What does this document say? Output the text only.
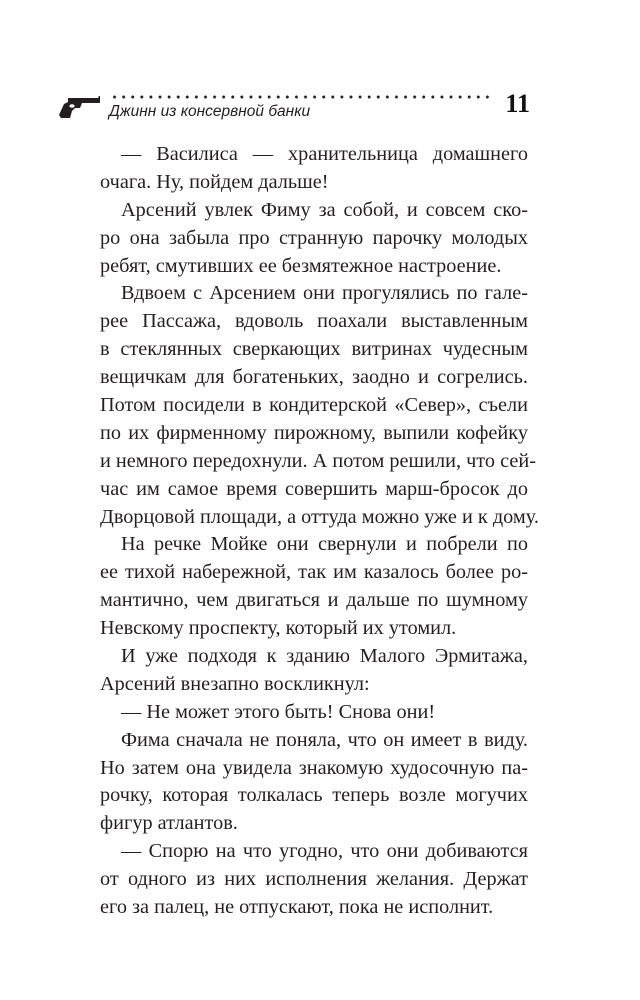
Джинн из консервной банки	11
— Василиса — хранительница домашнего
очага. Ну, пойдем дальше!
Арсений увлек Фиму за собой, и совсем ско-
ро она забыла про странную парочку молодых
ребят, смутивших ее безмятежное настроение.
Вдвоем с Арсением они прогулялись по гале-
рее Пассажа, вдоволь поахали выставленным
в стеклянных сверкающих витринах чудесным
вещичкам для богатеньких, заодно и согрелись.
Потом посидели в кондитерской «Север», съели
по их фирменному пирожному, выпили кофейку
и немного передохнули. А потом решили, что сей-
час им самое время совершить марш-бросок до
Дворцовой площади, а оттуда можно уже и к дому.
На речке Мойке они свернули и побрели по
ее тихой набережной, так им казалось более ро-
мантично, чем двигаться и дальше по шумному
Невскому проспекту, который их утомил.
И уже подходя к зданию Малого Эрмитажа,
Арсений внезапно воскликнул:
— Не может этого быть! Снова они!
Фима сначала не поняла, что он имеет в виду.
Но затем она увидела знакомую худосочную па-
рочку, которая толкалась теперь возле могучих
фигур атлантов.
— Спорю на что угодно, что они добиваются
от одного из них исполнения желания. Держат
его за палец, не отпускают, пока не исполнит.
